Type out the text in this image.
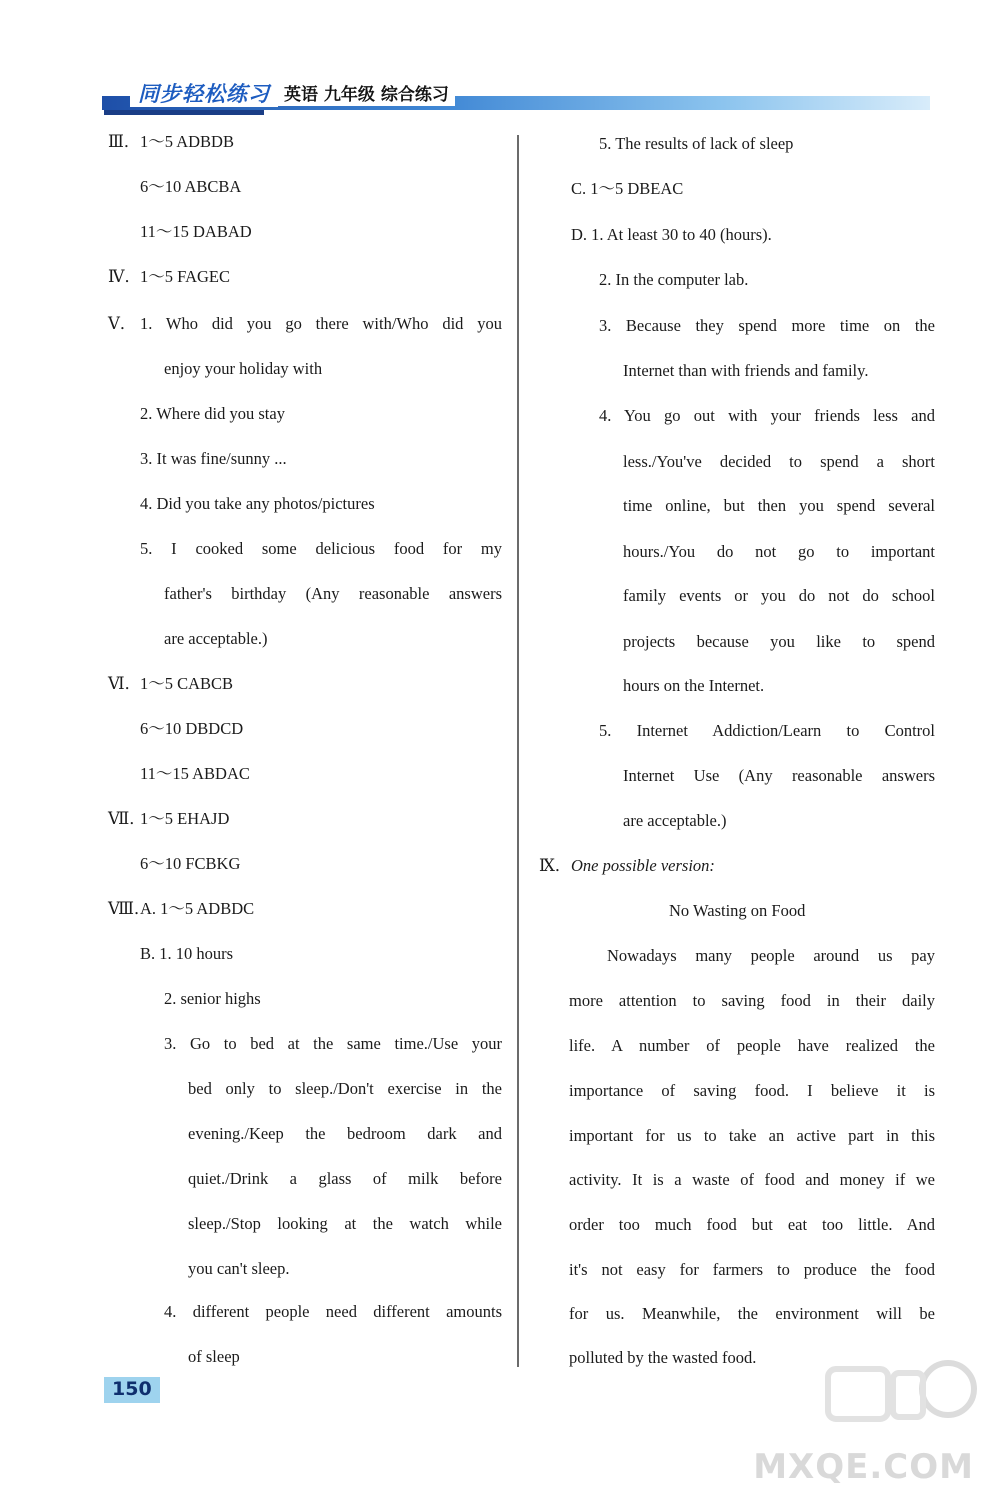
同步轻松练习 英语 九年级 综合练习
Ⅲ． 1～5 ADBDB
6～10 ABCBA
11～15 DABAD
Ⅳ． 1～5 FAGEC
Ⅴ． 1. Who did you go there with/Who did you
enjoy your holiday with
2. Where did you stay
3. It was fine/sunny ...
4. Did you take any photos/pictures
5. I cooked some delicious food for my
father's birthday (Any reasonable answers
are acceptable.)
Ⅵ．
1～5 CABCB
6～10 DBDCD
11～15 ABDAC
Ⅶ．
1～5 EHAJD
6～10 FCBKG
Ⅷ．
A. 1～5 ADBDC
B. 1. 10 hours
2. senior highs
3. Go to bed at the same time./Use your
bed only to sleep./Don't exercise in the
evening./Keep the bedroom dark and
quiet./Drink a glass of milk before
sleep./Stop looking at the watch while
you can't sleep.
4. different people need different amounts
of sleep
5. The results of lack of sleep
C. 1～5 DBEAC
D. 1. At least 30 to 40 (hours).
2. In the computer lab.
3. Because they spend more time on the
Internet than with friends and family.
4. You go out with your friends less and
less./You've decided to spend a short
time online, but then you spend several
hours./You do not go to important
family events or you do not do school
projects because you like to spend
hours on the Internet.
5. Internet Addiction/Learn to Control
Internet Use (Any reasonable answers
are acceptable.)
Ⅸ． One possible version:
No Wasting on Food
Nowadays many people around us pay
more attention to saving food in their daily
life. A number of people have realized the
importance of saving food. I believe it is
important for us to take an active part in this
activity. It is a waste of food and money if we
order too much food but eat too little. And
it's not easy for farmers to produce the food
for us. Meanwhile, the environment will be
polluted by the wasted food.
150
MXQE.COM
